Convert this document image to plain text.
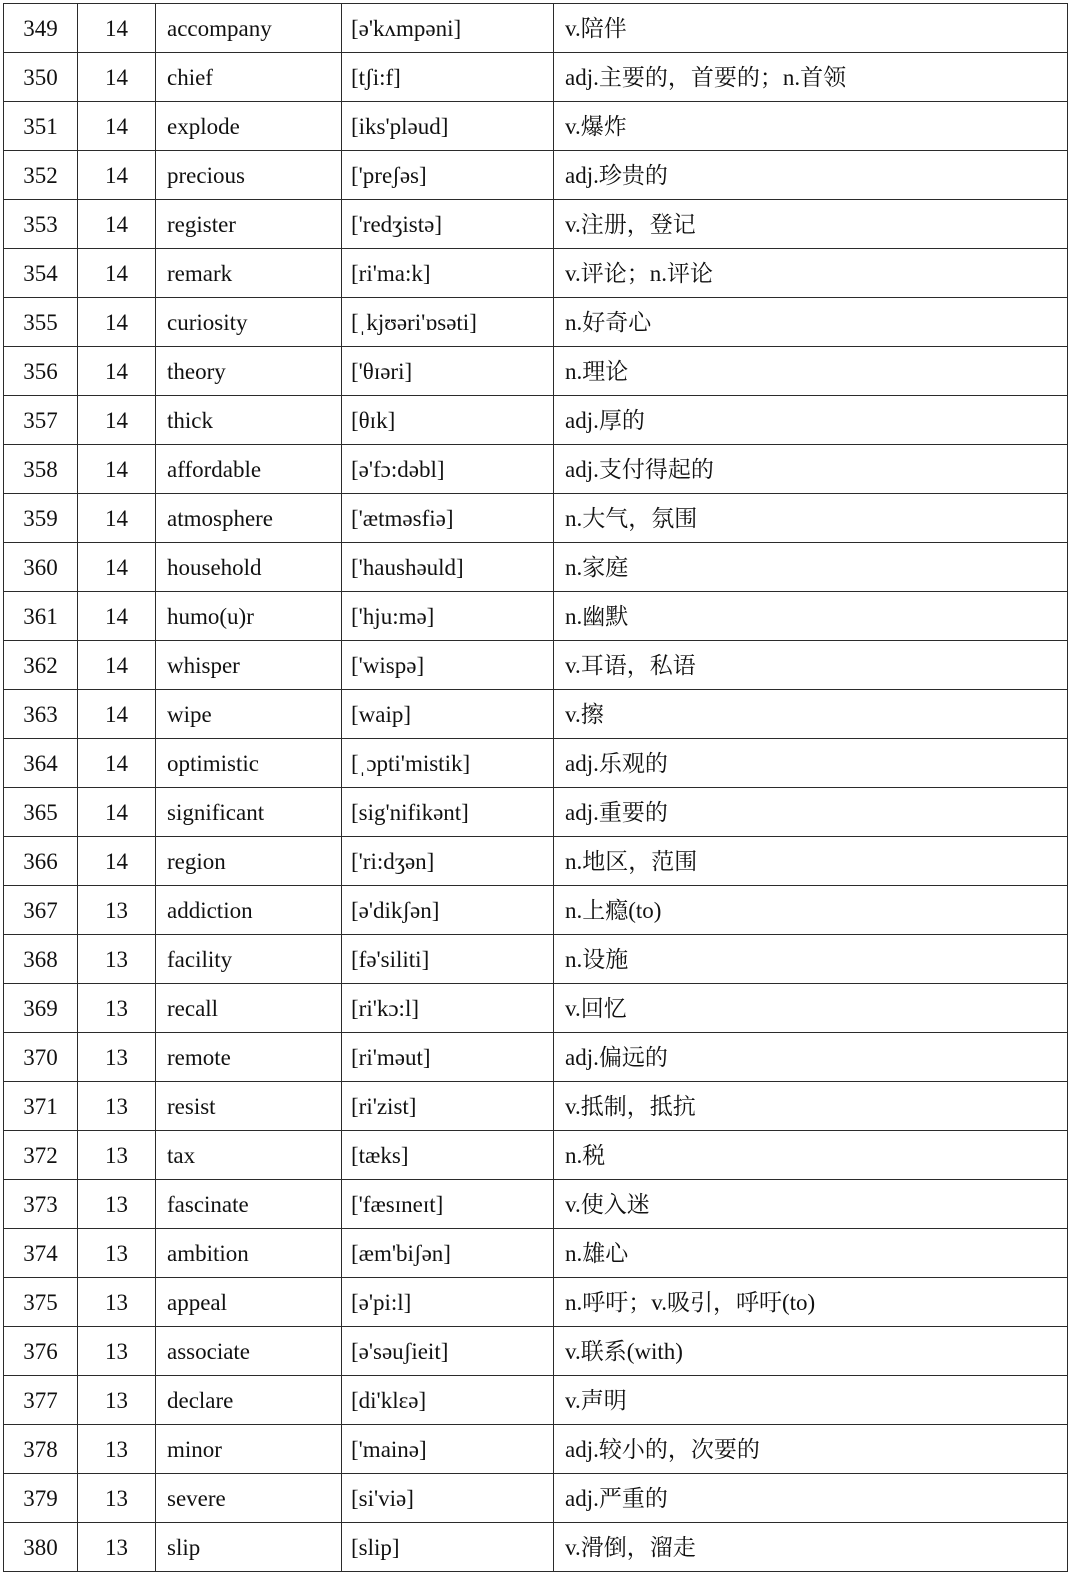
349	14	accompany	[ə'kʌmpəni]	v.陪伴
350	14	chief	[tʃi:f]	adj.主要的，首要的；n.首领
351	14	explode	[iks'pləud]	v.爆炸
352	14	precious	['preʃəs]	adj.珍贵的
353	14	register	['redʒistə]	v.注册，登记
354	14	remark	[ri'ma:k]	v.评论；n.评论
355	14	curiosity	[ˌkjʊəri'ɒsəti]	n.好奇心
356	14	theory	['θɪəri]	n.理论
357	14	thick	[θɪk]	adj.厚的
358	14	affordable	[ə'fɔ:dəbl]	adj.支付得起的
359	14	atmosphere	['ætməsfiə]	n.大气，氛围
360	14	household	['haushəuld]	n.家庭
361	14	humo(u)r	['hju:mə]	n.幽默
362	14	whisper	['wispə]	v.耳语，私语
363	14	wipe	[waip]	v.擦
364	14	optimistic	[ˌɔpti'mistik]	adj.乐观的
365	14	significant	[sig'nifikənt]	adj.重要的
366	14	region	['ri:dʒən]	n.地区，范围
367	13	addiction	[ə'dikʃən]	n.上瘾(to)
368	13	facility	[fə'siliti]	n.设施
369	13	recall	[ri'kɔ:l]	v.回忆
370	13	remote	[ri'məut]	adj.偏远的
371	13	resist	[ri'zist]	v.抵制，抵抗
372	13	tax	[tæks]	n.税
373	13	fascinate	['fæsɪneɪt]	v.使入迷
374	13	ambition	[æm'biʃən]	n.雄心
375	13	appeal	[ə'pi:l]	n.呼吁；v.吸引，呼吁(to)
376	13	associate	[ə'səuʃieit]	v.联系(with)
377	13	declare	[di'klɛə]	v.声明
378	13	minor	['mainə]	adj.较小的，次要的
379	13	severe	[si'viə]	adj.严重的
380	13	slip	[slip]	v.滑倒，溜走
